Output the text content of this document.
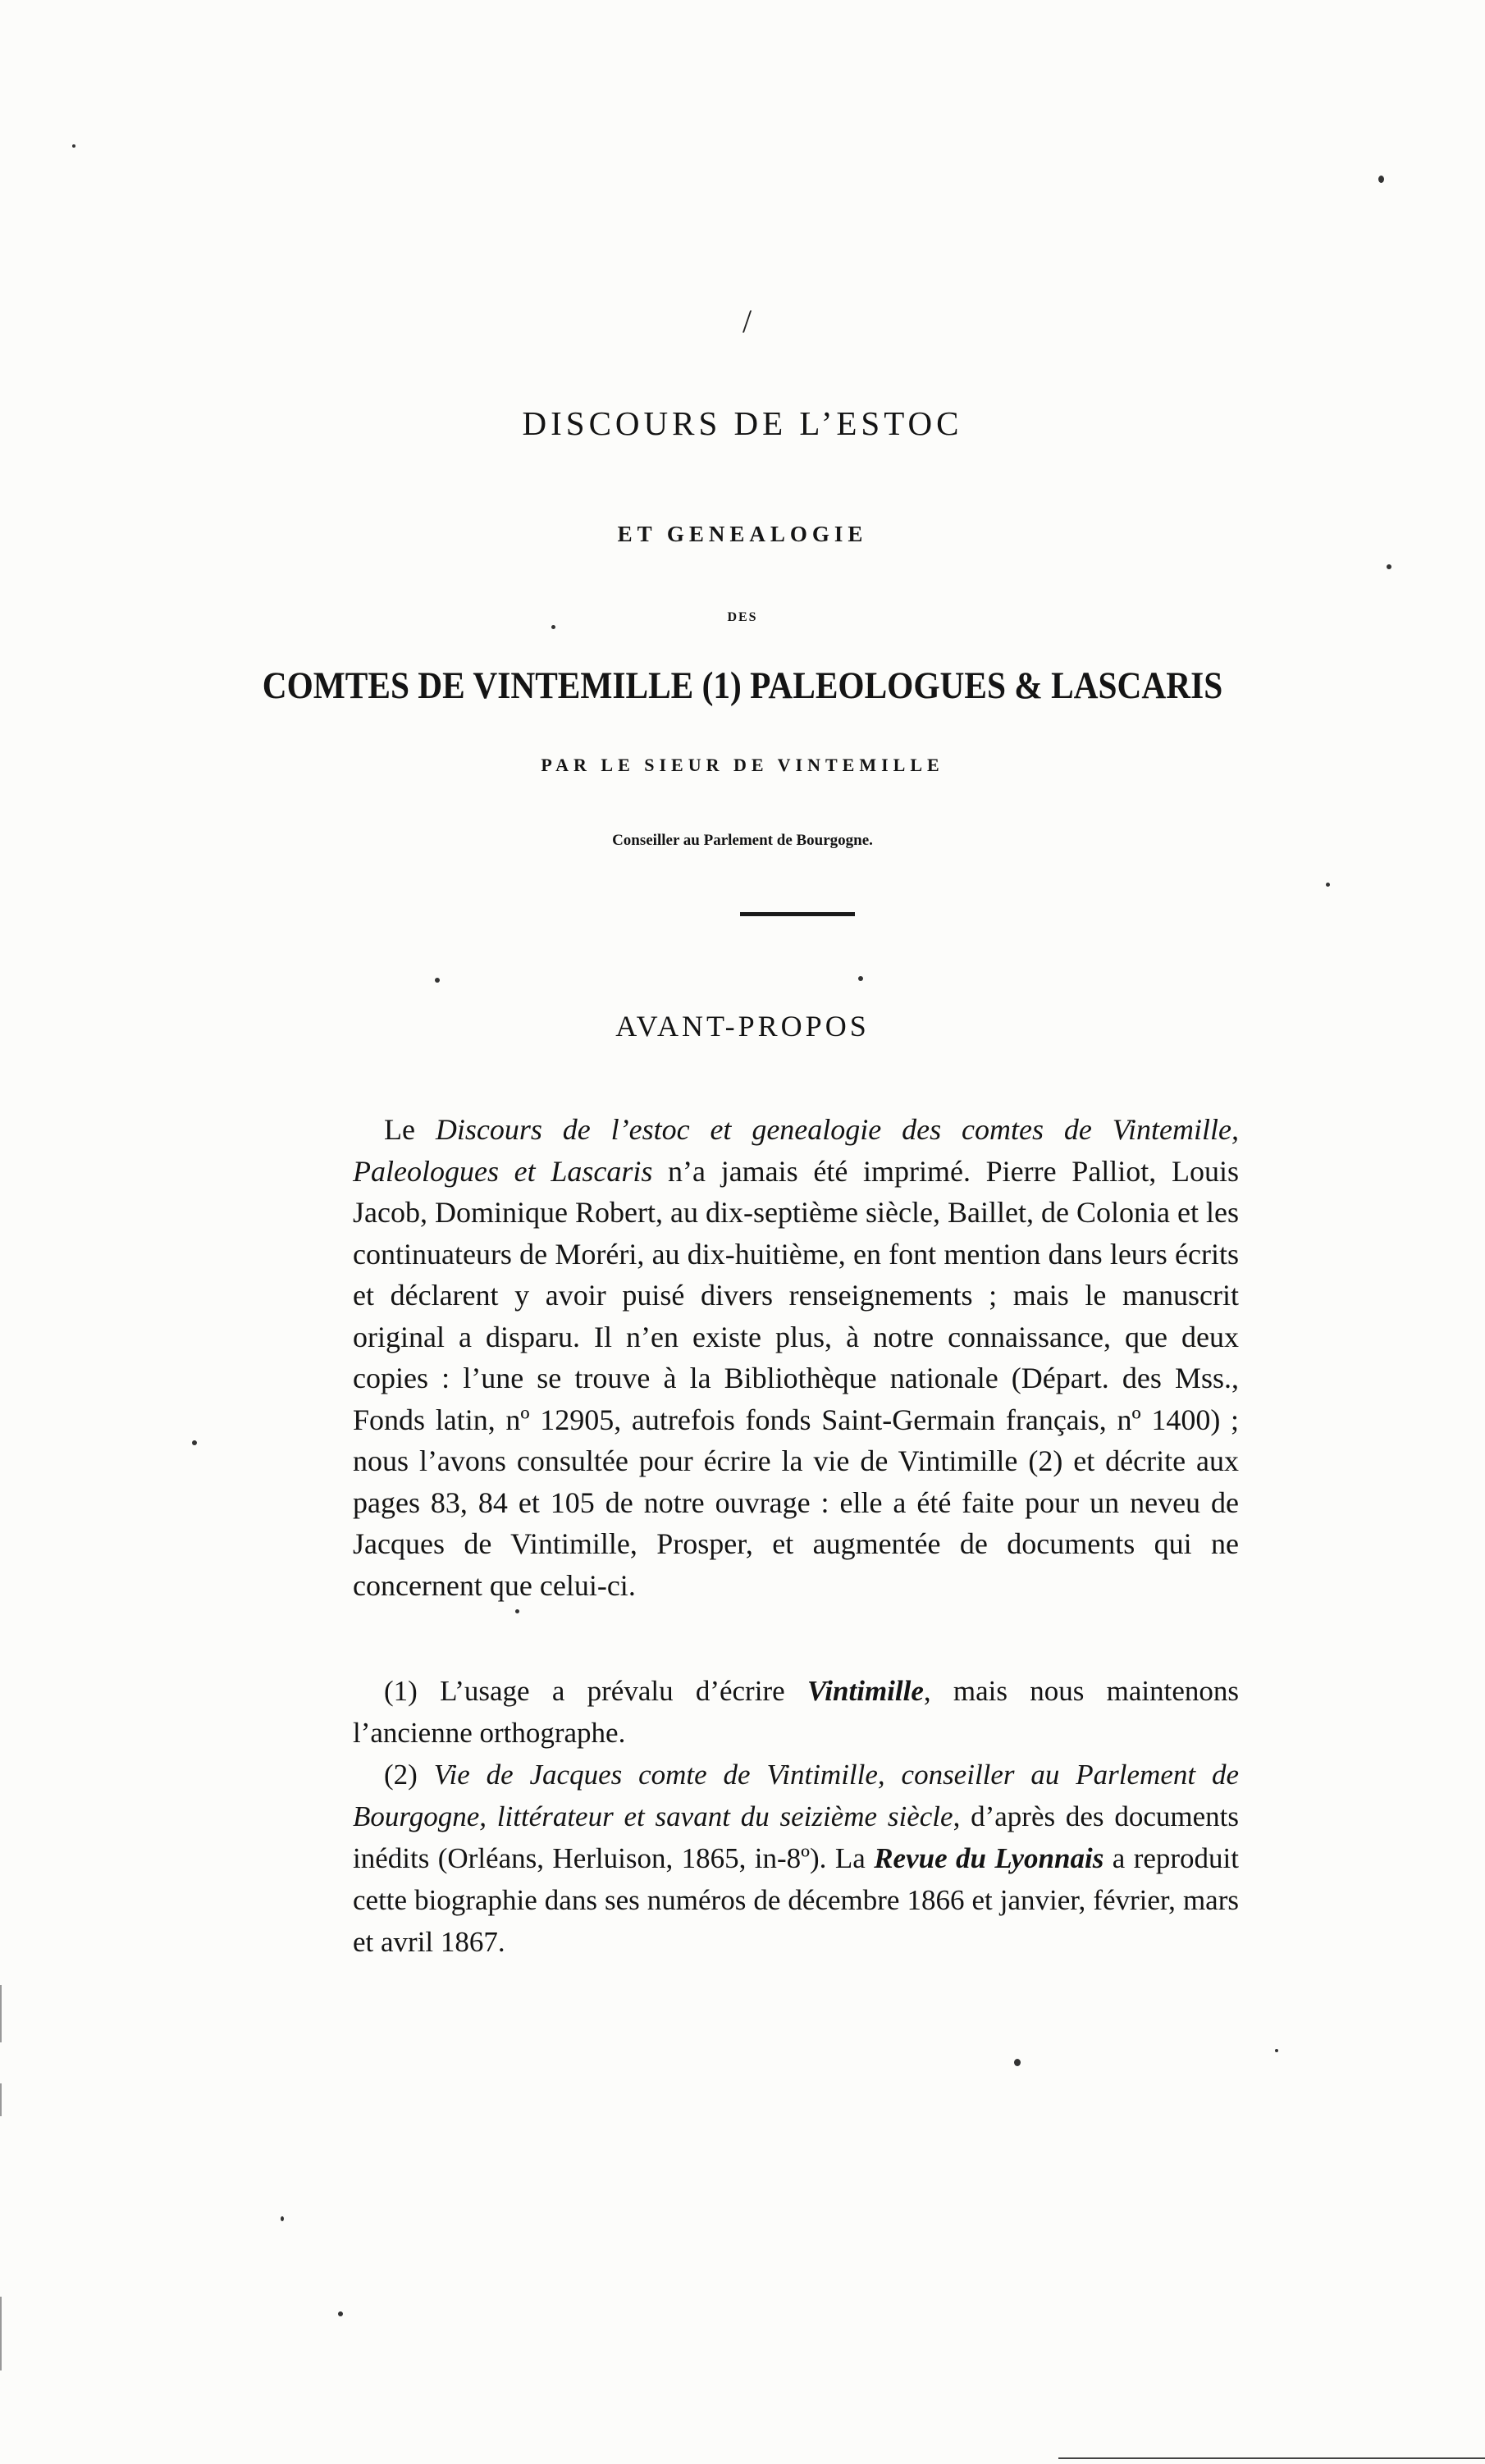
/
DISCOURS DE L’ESTOC
ET GENEALOGIE
DES
COMTES DE VINTEMILLE (1) PALEOLOGUES & LASCARIS
PAR LE SIEUR DE VINTEMILLE
Conseiller au Parlement de Bourgogne.
AVANT-PROPOS

Le Discours de l’estoc et genealogie des comtes de Vintemille, Paleologues et Lascaris n’a jamais été imprimé. Pierre Palliot, Louis Jacob, Dominique Robert, au dix-septième siècle, Baillet, de Colonia et les continuateurs de Moréri, au dix-huitième, en font mention dans leurs écrits et déclarent y avoir puisé divers renseignements ; mais le manuscrit original a disparu. Il n’en existe plus, à notre connaissance, que deux copies : l’une se trouve à la Bibliothèque nationale (Départ. des Mss., Fonds latin, nº 12905, autrefois fonds Saint-Germain français, nº 1400) ; nous l’avons consultée pour écrire la vie de Vintimille (2) et décrite aux pages 83, 84 et 105 de notre ouvrage : elle a été faite pour un neveu de Jacques de Vintimille, Prosper, et augmentée de documents qui ne concernent que celui-ci.

(1) L’usage a prévalu d’écrire Vintimille, mais nous maintenons l’ancienne orthographe.

(2) Vie de Jacques comte de Vintimille, conseiller au Parlement de Bourgogne, littérateur et savant du seizième siècle, d’après des documents inédits (Orléans, Herluison, 1865, in-8º). La Revue du Lyonnais a reproduit cette biographie dans ses numéros de décembre 1866 et janvier, février, mars et avril 1867.
